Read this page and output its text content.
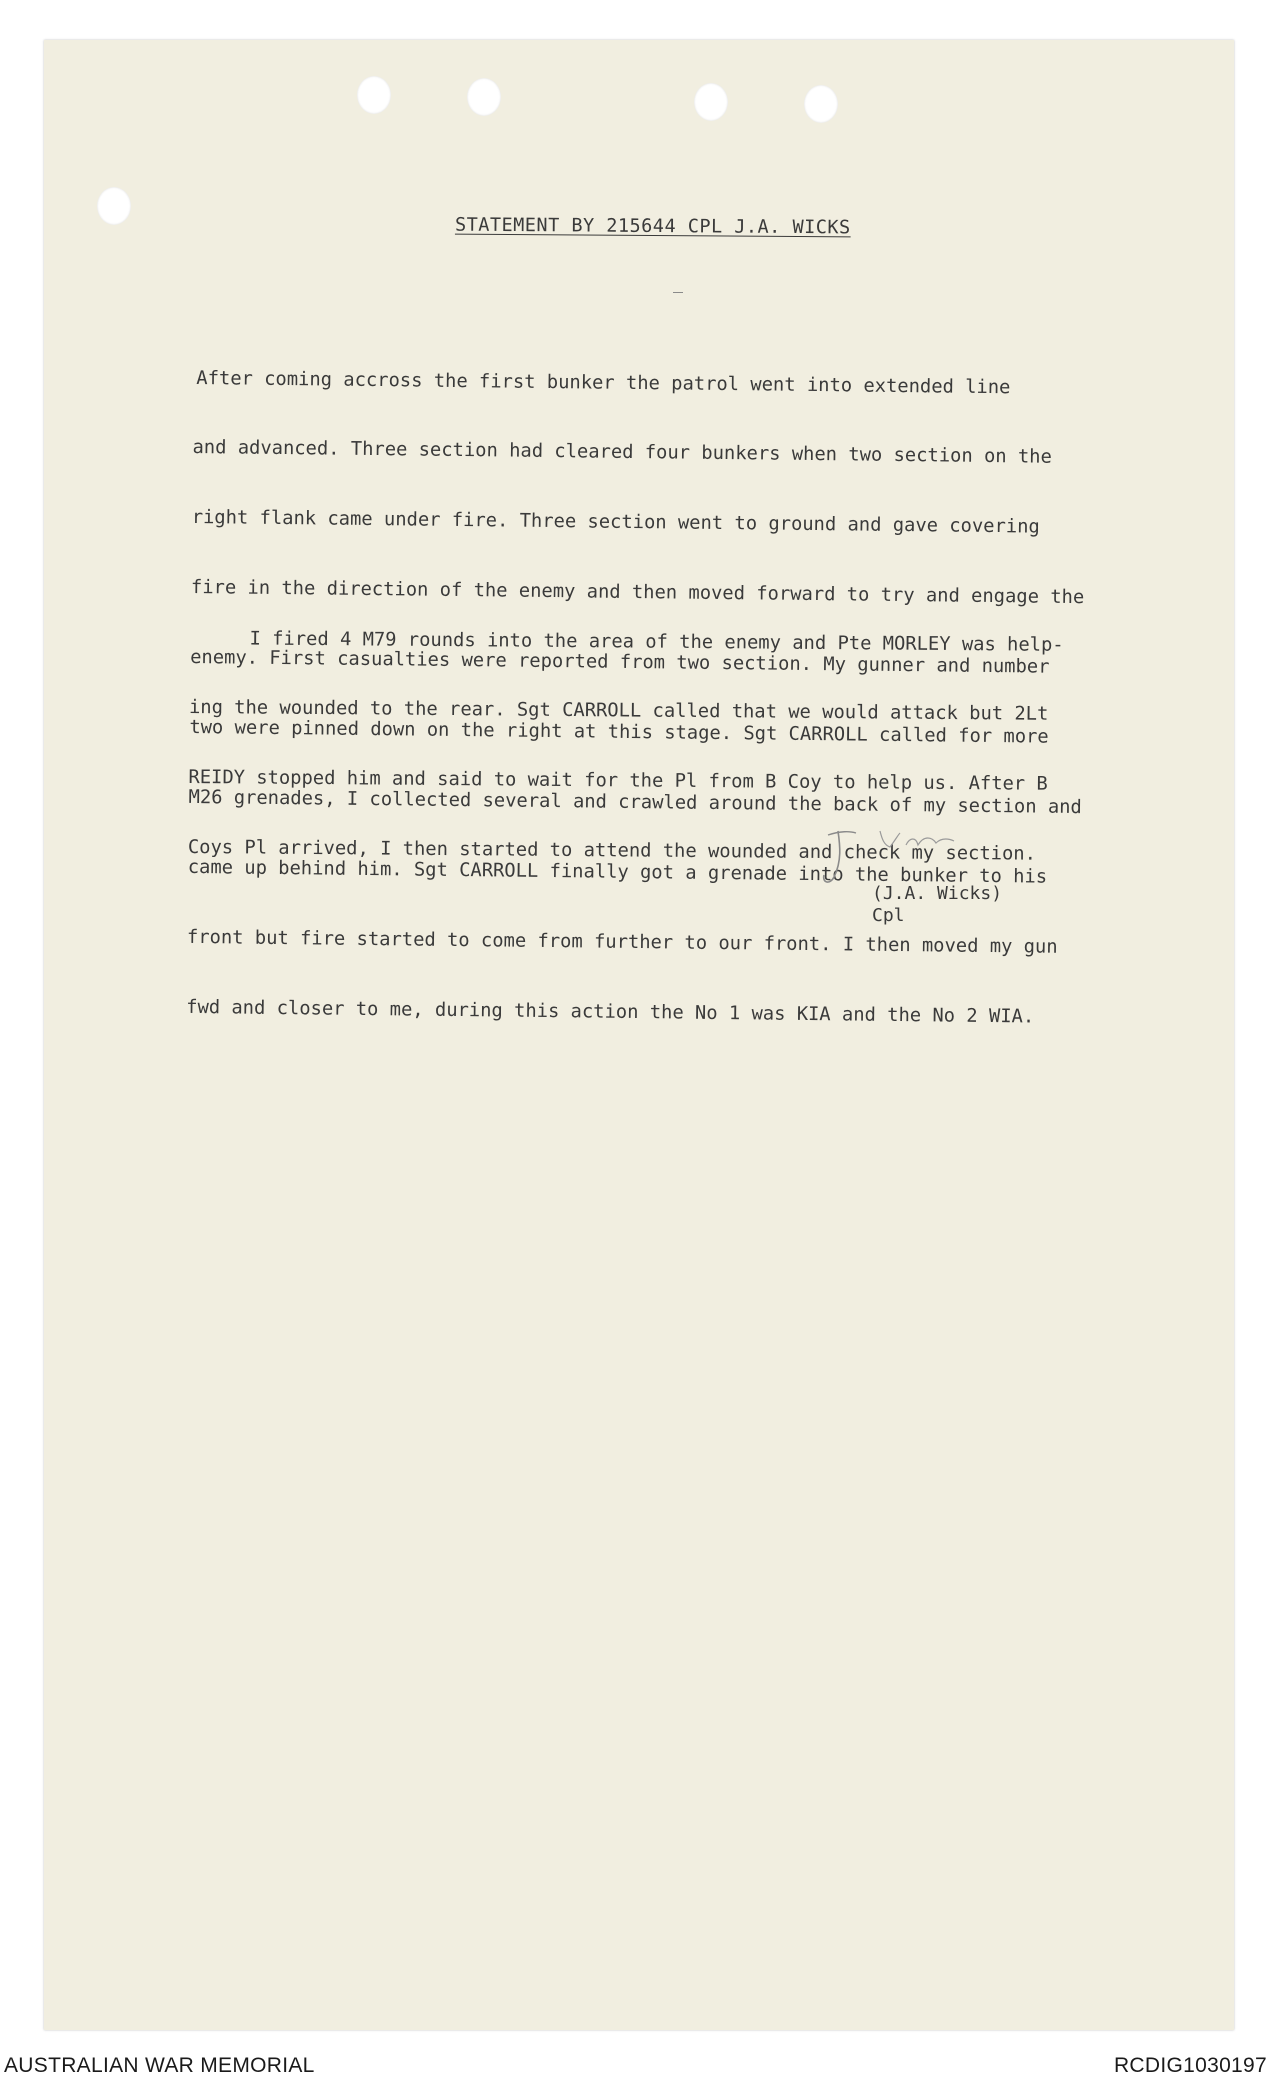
STATEMENT BY 215644 CPL J.A. WICKS

After coming accross the first bunker the patrol went into extended line

and advanced. Three section had cleared four bunkers when two section on the

right flank came under fire. Three section went to ground and gave covering

fire in the direction of the enemy and then moved forward to try and engage the

enemy. First casualties were reported from two section. My gunner and number

two were pinned down on the right at this stage. Sgt CARROLL called for more

M26 grenades, I collected several and crawled around the back of my section and

came up behind him. Sgt CARROLL finally got a grenade into the bunker to his

front but fire started to come from further to our front. I then moved my gun

fwd and closer to me, during this action the No 1 was KIA and the No 2 WIA.

I fired 4 M79 rounds into the area of the enemy and Pte MORLEY was help-

ing the wounded to the rear. Sgt CARROLL called that we would attack but 2Lt

REIDY stopped him and said to wait for the Pl from B Coy to help us. After B

Coys Pl arrived, I then started to attend the wounded and check my section.

(J.A. Wicks)
Cpl
AUSTRALIAN WAR MEMORIAL	RCDIG1030197
